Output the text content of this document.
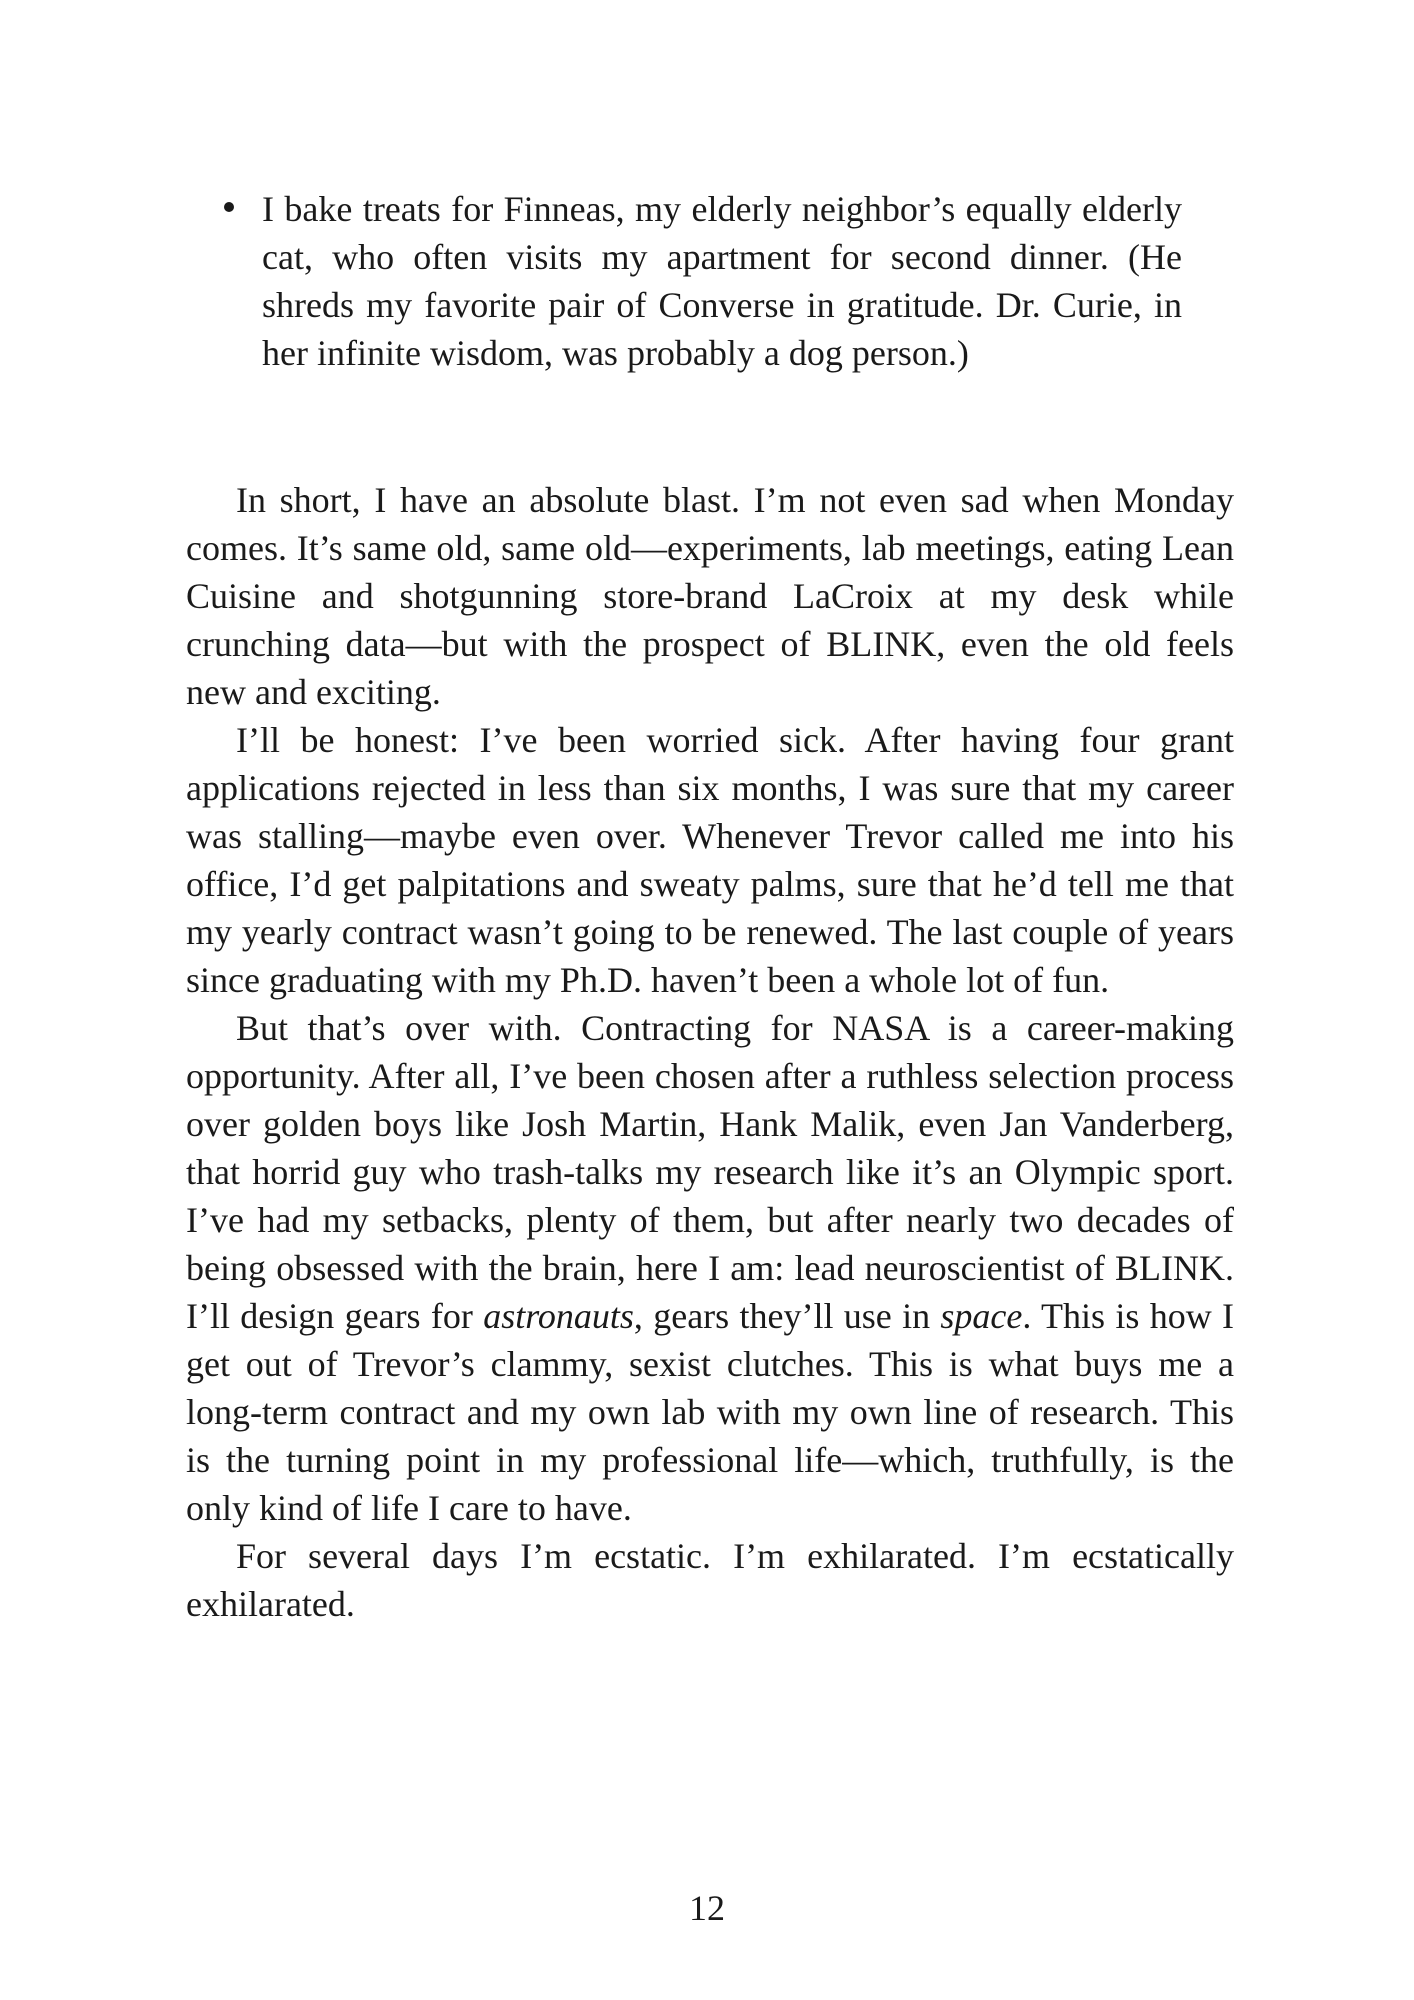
I bake treats for Finneas, my elderly neighbor’s equally elderly cat, who often visits my apartment for second dinner. (He shreds my favorite pair of Converse in gratitude. Dr. Curie, in her infinite wisdom, was probably a dog person.)

In short, I have an absolute blast. I’m not even sad when Monday comes. It’s same old, same old—experiments, lab meetings, eating Lean Cuisine and shotgunning store-brand LaCroix at my desk while crunching data—but with the prospect of BLINK, even the old feels new and exciting.

I’ll be honest: I’ve been worried sick. After having four grant applications rejected in less than six months, I was sure that my career was stalling—maybe even over. Whenever Trevor called me into his office, I’d get palpitations and sweaty palms, sure that he’d tell me that my yearly contract wasn’t going to be renewed. The last couple of years since graduating with my Ph.D. haven’t been a whole lot of fun.

But that’s over with. Contracting for NASA is a career-making opportunity. After all, I’ve been chosen after a ruthless selection process over golden boys like Josh Martin, Hank Malik, even Jan Vanderberg, that horrid guy who trash-talks my research like it’s an Olympic sport. I’ve had my setbacks, plenty of them, but after nearly two decades of being obsessed with the brain, here I am: lead neuroscientist of BLINK. I’ll design gears for astronauts, gears they’ll use in space. This is how I get out of Trevor’s clammy, sexist clutches. This is what buys me a long-term contract and my own lab with my own line of research. This is the turning point in my professional life—which, truthfully, is the only kind of life I care to have.

For several days I’m ecstatic. I’m exhilarated. I’m ecstatically exhilarated.

12
